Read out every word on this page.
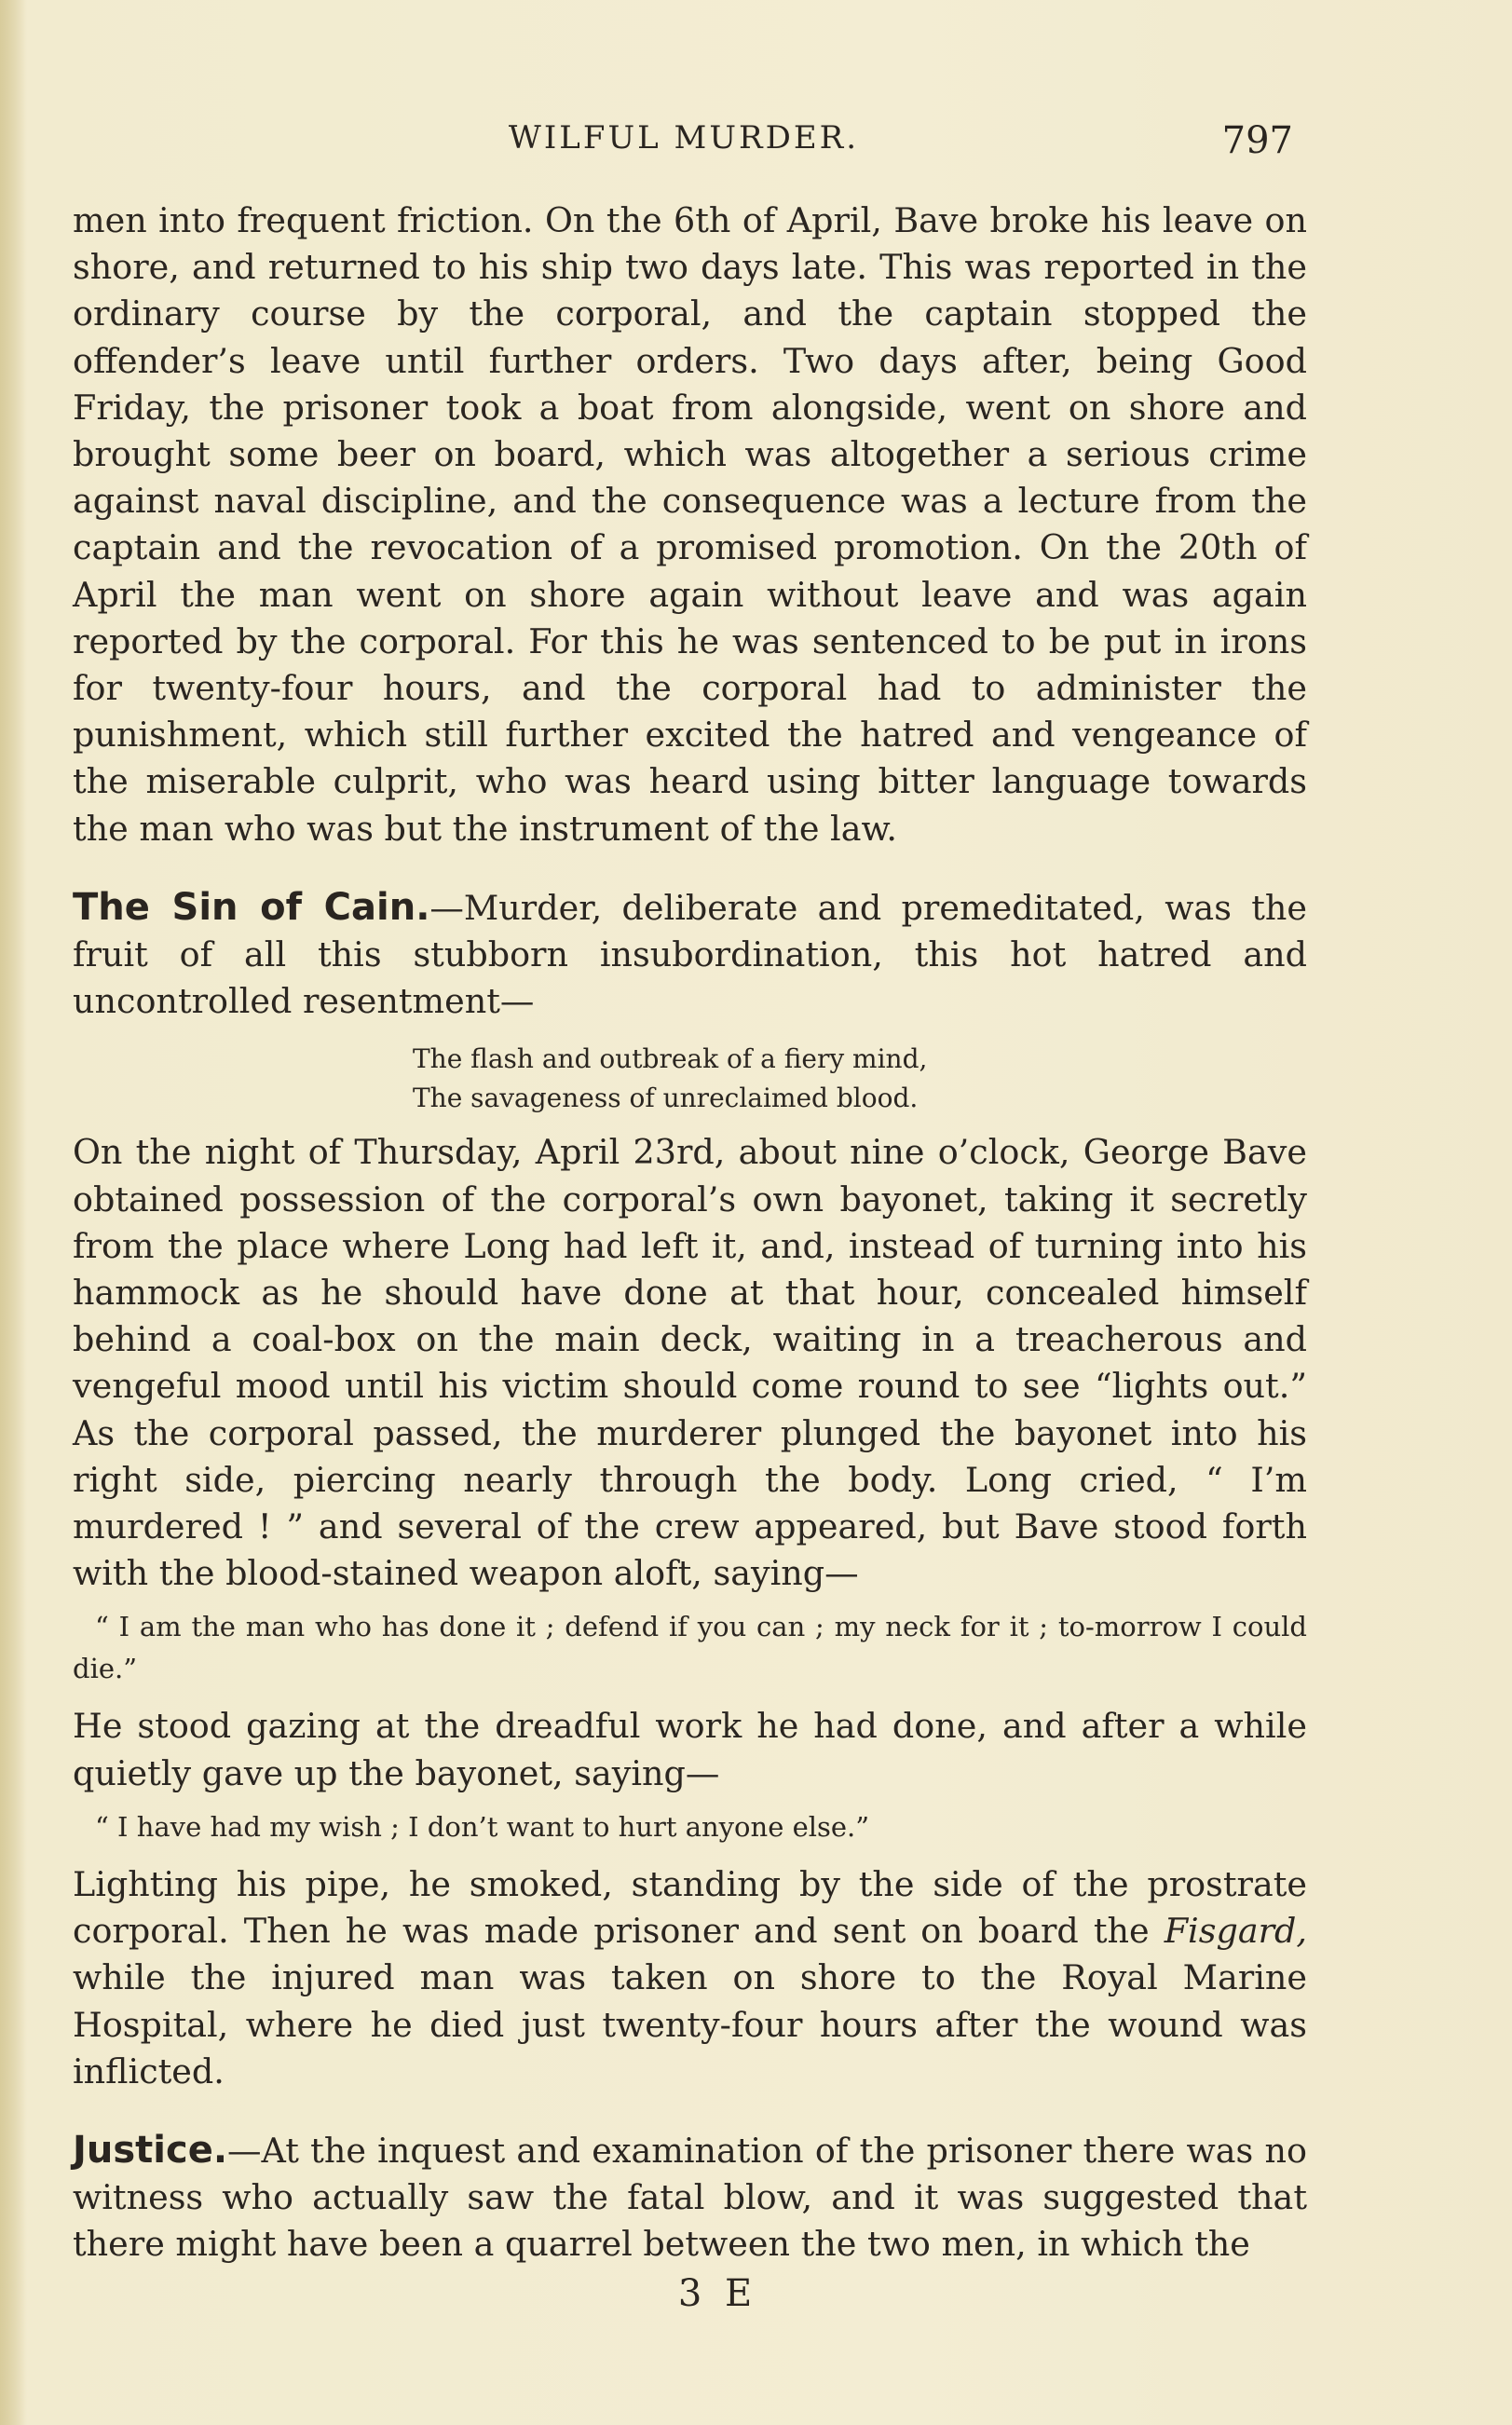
WILFUL MURDER.	797

men into frequent friction. On the 6th of April, Bave broke his leave on shore, and returned to his ship two days late. This was reported in the ordinary course by the corporal, and the captain stopped the offender’s leave until further orders. Two days after, being Good Friday, the prisoner took a boat from alongside, went on shore and brought some beer on board, which was altogether a serious crime against naval discipline, and the consequence was a lecture from the captain and the revocation of a promised promotion. On the 20th of April the man went on shore again without leave and was again reported by the corporal. For this he was sentenced to be put in irons for twenty-four hours, and the corporal had to administer the punishment, which still further excited the hatred and vengeance of the miserable culprit, who was heard using bitter language towards the man who was but the instrument of the law.

The Sin of Cain.—Murder, deliberate and premeditated, was the fruit of all this stubborn insubordination, this hot hatred and uncontrolled resentment—

The flash and outbreak of a fiery mind,
The savageness of unreclaimed blood.

On the night of Thursday, April 23rd, about nine o’clock, George Bave obtained possession of the corporal’s own bayonet, taking it secretly from the place where Long had left it, and, instead of turning into his hammock as he should have done at that hour, concealed himself behind a coal-box on the main deck, waiting in a treacherous and vengeful mood until his victim should come round to see “lights out.” As the corporal passed, the murderer plunged the bayonet into his right side, piercing nearly through the body. Long cried, “ I’m murdered ! ” and several of the crew appeared, but Bave stood forth with the blood-stained weapon aloft, saying—

“ I am the man who has done it ; defend if you can ; my neck for it ; to-morrow I could die.”

He stood gazing at the dreadful work he had done, and after a while quietly gave up the bayonet, saying—

“ I have had my wish ; I don’t want to hurt anyone else.”

Lighting his pipe, he smoked, standing by the side of the prostrate corporal. Then he was made prisoner and sent on board the Fisgard, while the injured man was taken on shore to the Royal Marine Hospital, where he died just twenty-four hours after the wound was inflicted.

Justice.—At the inquest and examination of the prisoner there was no witness who actually saw the fatal blow, and it was suggested that there might have been a quarrel between the two men, in which the

3 E
